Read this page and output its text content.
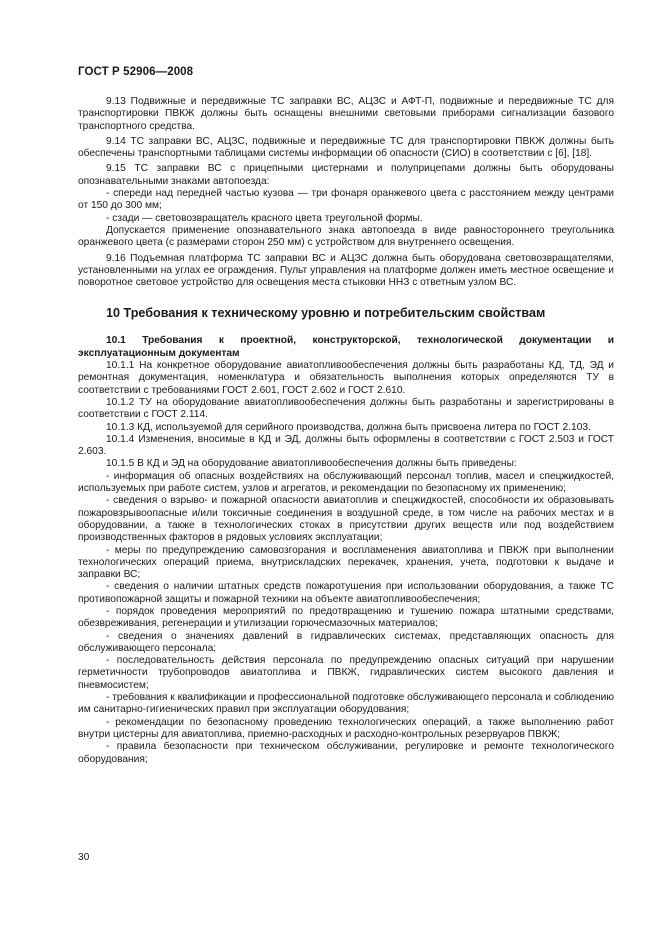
ГОСТ Р 52906—2008

9.13 Подвижные и передвижные ТС заправки ВС, АЦЗС и АФТ-П, подвижные и передвижные ТС для транспортировки ПВКЖ должны быть оснащены внешними световыми приборами сигнализации базового транспортного средства.

9.14 ТС заправки ВС, АЦЗС, подвижные и передвижные ТС для транспортировки ПВКЖ должны быть обеспечены транспортными таблицами системы информации об опасности (СИО) в соответствии с [6], [18].

9.15 ТС заправки ВС с прицепными цистернами и полуприцепами должны быть оборудованы опознавательными знаками автопоезда:

- спереди над передней частью кузова — три фонаря оранжевого цвета с расстоянием между центрами от 150 до 300 мм;

- сзади — световозвращатель красного цвета треугольной формы.

Допускается применение опознавательного знака автопоезда в виде равностороннего треугольника оранжевого цвета (с размерами сторон 250 мм) с устройством для внутреннего освещения.

9.16 Подъемная платформа ТС заправки ВС и АЦЗС должна быть оборудована световозвращателями, установленными на углах ее ограждения. Пульт управления на платформе должен иметь местное освещение и поворотное световое устройство для освещения места стыковки ННЗ с ответным узлом ВС.

10 Требования к техническому уровню и потребительским свойствам

10.1 Требования к проектной, конструкторской, технологической документации и эксплуатационным документам

10.1.1 На конкретное оборудование авиатопливообеспечения должны быть разработаны КД, ТД, ЭД и ремонтная документация, номенклатура и обязательность выполнения которых определяются ТУ в соответствии с требованиями ГОСТ 2.601, ГОСТ 2.602 и ГОСТ 2.610.

10.1.2 ТУ на оборудование авиатопливообеспечения должны быть разработаны и зарегистрированы в соответствии с ГОСТ 2.114.

10.1.3 КД, используемой для серийного производства, должна быть присвоена литера по ГОСТ 2.103.

10.1.4 Изменения, вносимые в КД и ЭД, должны быть оформлены в соответствии с ГОСТ 2.503 и ГОСТ 2.603.

10.1.5 В КД и ЭД на оборудование авиатопливообеспечения должны быть приведены:

- информация об опасных воздействиях на обслуживающий персонал топлив, масел и спецжидкостей, используемых при работе систем, узлов и агрегатов, и рекомендации по безопасному их применению;

- сведения о взрыво- и пожарной опасности авиатоплив и спецжидкостей, способности их образовывать пожаровзрывоопасные и/или токсичные соединения в воздушной среде, в том числе на рабочих местах и в оборудовании, а также в технологических стоках в присутствии других веществ или под воздействием производственных факторов в рядовых условиях эксплуатации;

- меры по предупреждению самовозгорания и воспламенения авиатоплива и ПВКЖ при выполнении технологических операций приема, внутрискладских перекачек, хранения, учета, подготовки к выдаче и заправки ВС;

- сведения о наличии штатных средств пожаротушения при использовании оборудования, а также ТС противопожарной защиты и пожарной техники на объекте авиатопливообеспечения;

- порядок проведения мероприятий по предотвращению и тушению пожара штатными средствами, обезвреживания, регенерации и утилизации горючесмазочных материалов;

- сведения о значениях давлений в гидравлических системах, представляющих опасность для обслуживающего персонала;

- последовательность действия персонала по предупреждению опасных ситуаций при нарушении герметичности трубопроводов авиатоплива и ПВКЖ, гидравлических систем высокого давления и пневмосистем;

- требования к квалификации и профессиональной подготовке обслуживающего персонала и соблюдению им санитарно-гигиенических правил при эксплуатации оборудования;

- рекомендации по безопасному проведению технологических операций, а также выполнению работ внутри цистерны для авиатоплива, приемно-расходных и расходно-контрольных резервуаров ПВКЖ;

- правила безопасности при техническом обслуживании, регулировке и ремонте технологического оборудования;

30
